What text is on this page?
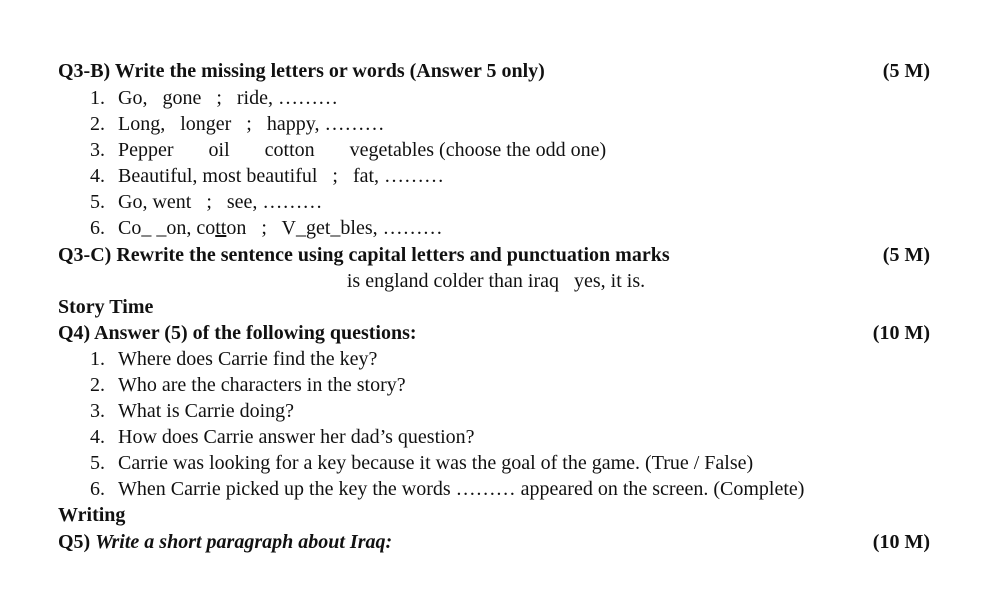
Q3-B) Write the missing letters or words (Answer 5 only)	(5 M)
1. Go,   gone   ;   ride, ………
2. Long,   longer   ;   happy, ………
3. Pepper       oil       cotton       vegetables (choose the odd one)
4. Beautiful, most beautiful   ;   fat, ………
5. Go, went   ;   see, ………
6. Co_ _on, cotton   ;   V_get_bles, ………
Q3-C) Rewrite the sentence using capital letters and punctuation marks	(5 M)
is england colder than iraq   yes, it is.
Story Time
Q4) Answer (5) of the following questions:	(10 M)
1. Where does Carrie find the key?
2. Who are the characters in the story?
3. What is Carrie doing?
4. How does Carrie answer her dad’s question?
5. Carrie was looking for a key because it was the goal of the game. (True / False)
6. When Carrie picked up the key the words ……… appeared on the screen. (Complete)
Writing
Q5) Write a short paragraph about Iraq:	(10 M)
